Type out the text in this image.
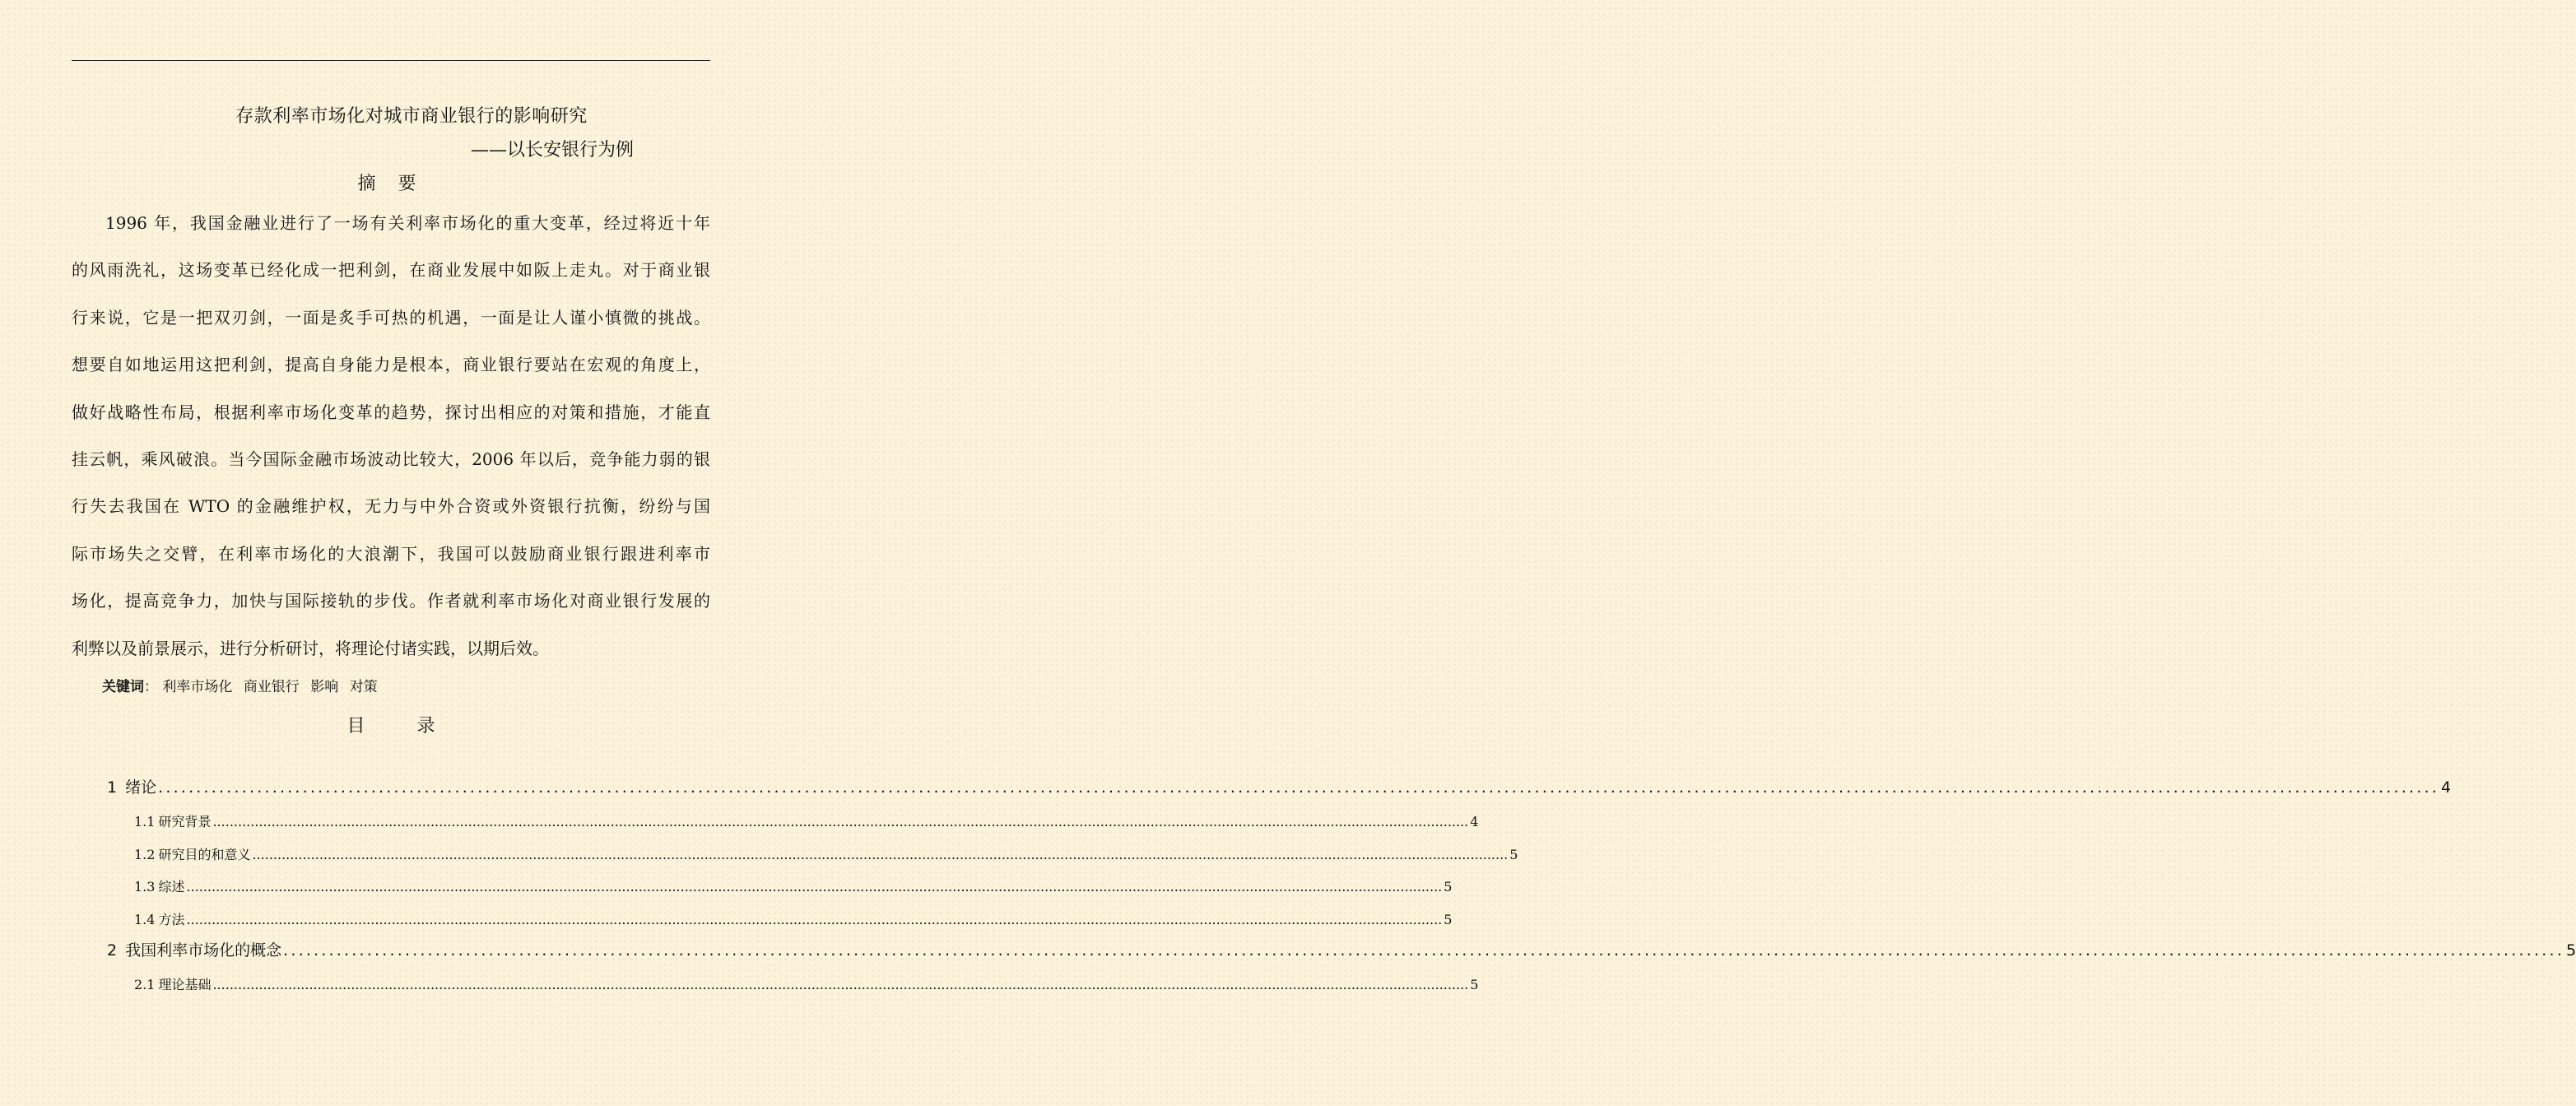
存款利率市场化对城市商业银行的影响研究
——以长安银行为例
摘 要
1996 年，我国金融业进行了一场有关利率市场化的重大变革，经过将近十年
的风雨洗礼，这场变革已经化成一把利剑，在商业发展中如阪上走丸。对于商业银
行来说，它是一把双刃剑，一面是炙手可热的机遇，一面是让人谨小慎微的挑战。
想要自如地运用这把利剑，提高自身能力是根本，商业银行要站在宏观的角度上，
做好战略性布局，根据利率市场化变革的趋势，探讨出相应的对策和措施，才能直
挂云帆，乘风破浪。当今国际金融市场波动比较大，2006 年以后，竞争能力弱的银
行失去我国在 WTO 的金融维护权，无力与中外合资或外资银行抗衡，纷纷与国
际市场失之交臂，在利率市场化的大浪潮下，我国可以鼓励商业银行跟进利率市
场化，提高竞争力，加快与国际接轨的步伐。作者就利率市场化对商业银行发展的
利弊以及前景展示，进行分析研讨，将理论付诸实践，以期后效。
关键词： 利率市场化 商业银行 影响 对策
目 录
1 绪论 ............................................................................................................................................................................................................................................................................................................ 4
1.1 研究背景 ............................................................................................................................................................................................................................................................................................................ 4
1.2 研究目的和意义 ............................................................................................................................................................................................................................................................................................................ 5
1.3 综述 ............................................................................................................................................................................................................................................................................................................ 5
1.4 方法 ............................................................................................................................................................................................................................................................................................................ 5
2 我国利率市场化的概念 ............................................................................................................................................................................................................................................................................................................ 5
2.1 理论基础 ............................................................................................................................................................................................................................................................................................................ 5
